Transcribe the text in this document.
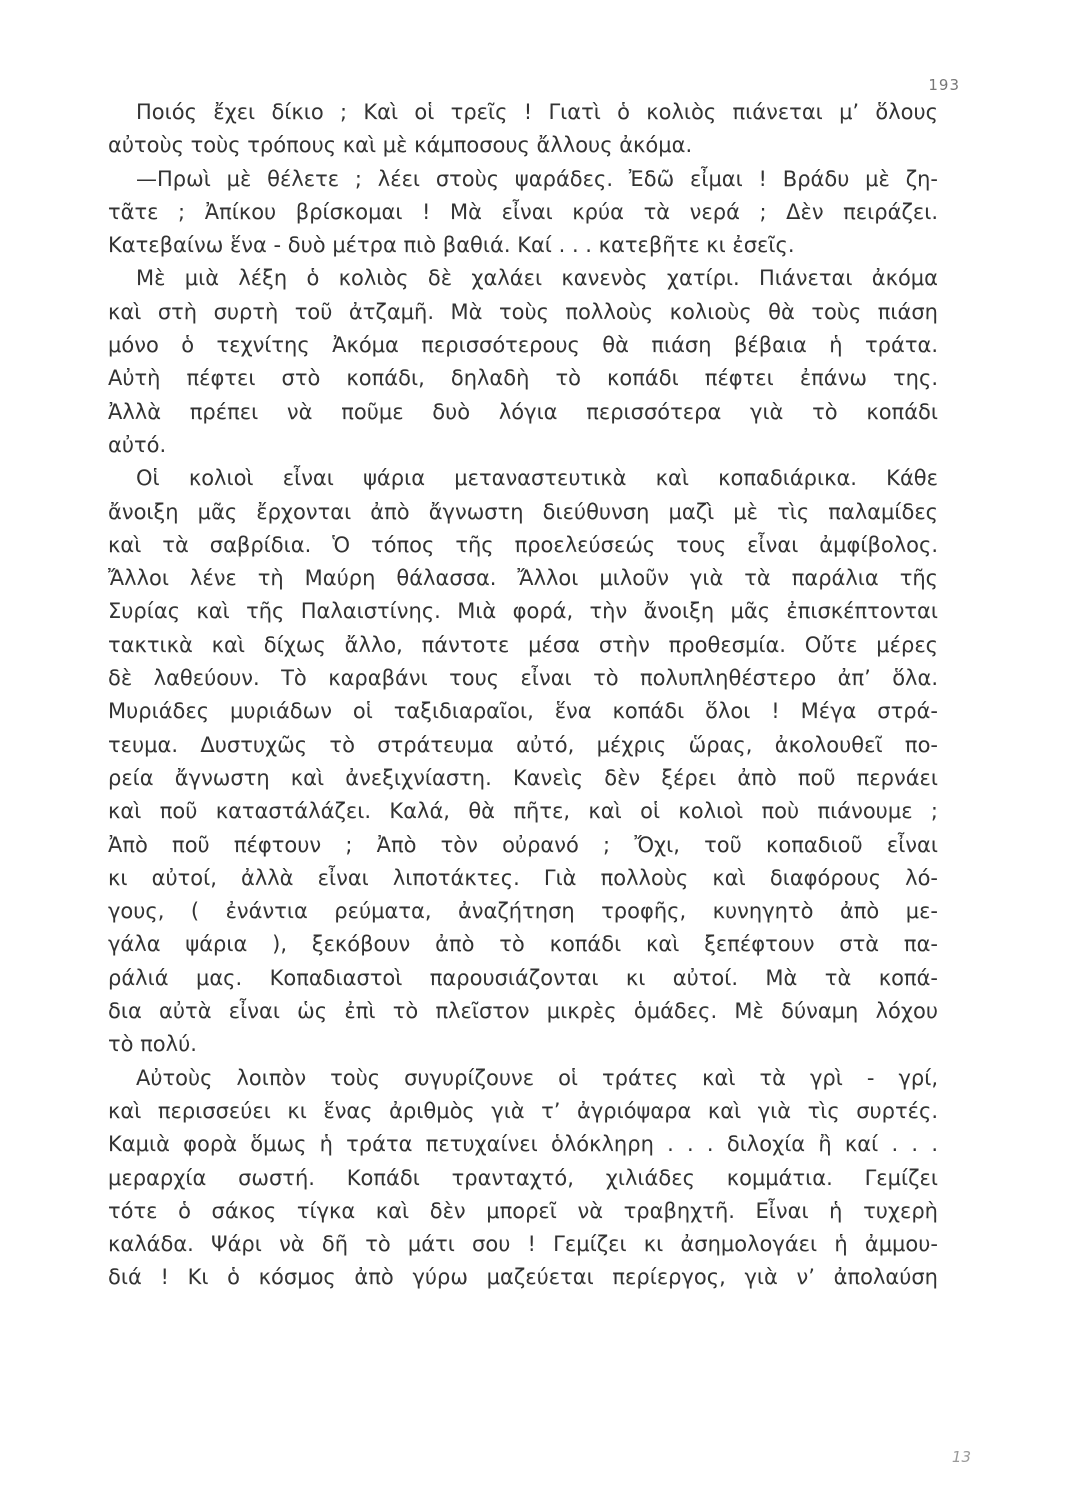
193
Ποιός ἔχει δίκιο ; Καὶ οἱ τρεῖς ! Γιατὶ ὁ κολιὸς πιάνεται μ’ ὅλους
αὐτοὺς τοὺς τρόπους καὶ μὲ κάμποσους ἄλλους ἀκόμα.
—Πρωὶ μὲ θέλετε ; λέει στοὺς ψαράδες. Ἐδῶ εἶμαι ! Βράδυ μὲ ζη-
τᾶτε ; Ἀπίκου βρίσκομαι ! Μὰ εἶναι κρύα τὰ νερά ; Δὲν πειράζει.
Κατεβαίνω ἕνα - δυὸ μέτρα πιὸ βαθιά. Καί . . . κατεβῆτε κι ἐσεῖς.
Μὲ μιὰ λέξη ὁ κολιὸς δὲ χαλάει κανενὸς χατίρι. Πιάνεται ἀκόμα
καὶ στὴ συρτὴ τοῦ ἀτζαμῆ. Μὰ τοὺς πολλοὺς κολιοὺς θὰ τοὺς πιάση
μόνο ὁ τεχνίτης Ἀκόμα περισσότερους θὰ πιάση βέβαια ἡ τράτα.
Αὐτὴ πέφτει στὸ κοπάδι, δηλαδὴ τὸ κοπάδι πέφτει ἐπάνω της.
Ἀλλὰ πρέπει νὰ ποῦμε δυὸ λόγια περισσότερα γιὰ τὸ κοπάδι
αὐτό.
Οἱ κολιοὶ εἶναι ψάρια μεταναστευτικὰ καὶ κοπαδιάρικα. Κάθε
ἄνοιξη μᾶς ἔρχονται ἀπὸ ἄγνωστη διεύθυνση μαζὶ μὲ τὶς παλαμίδες
καὶ τὰ σαβρίδια. Ὁ τόπος τῆς προελεύσεώς τους εἶναι ἀμφίβολος.
Ἄλλοι λένε τὴ Μαύρη θάλασσα. Ἄλλοι μιλοῦν γιὰ τὰ παράλια τῆς
Συρίας καὶ τῆς Παλαιστίνης. Μιὰ φορά, τὴν ἄνοιξη μᾶς ἐπισκέπτονται
τακτικὰ καὶ δίχως ἄλλο, πάντοτε μέσα στὴν προθεσμία. Οὔτε μέρες
δὲ λαθεύουν. Τὸ καραβάνι τους εἶναι τὸ πολυπληθέστερο ἀπ’ ὅλα.
Μυριάδες μυριάδων οἱ ταξιδιαραῖοι, ἕνα κοπάδι ὅλοι ! Μέγα στρά-
τευμα. Δυστυχῶς τὸ στράτευμα αὐτό, μέχρις ὥρας, ἀκολουθεῖ πο-
ρεία ἄγνωστη καὶ ἀνεξιχνίαστη. Κανεὶς δὲν ξέρει ἀπὸ ποῦ περνάει
καὶ ποῦ καταστάλάζει. Καλά, θὰ πῆτε, καὶ οἱ κολιοὶ ποὺ πιάνουμε ;
Ἀπὸ ποῦ πέφτουν ; Ἀπὸ τὸν οὐρανό ; Ὄχι, τοῦ κοπαδιοῦ εἶναι
κι αὐτοί, ἀλλὰ εἶναι λιποτάκτες. Γιὰ πολλοὺς καὶ διαφόρους λό-
γους, ( ἐνάντια ρεύματα, ἀναζήτηση τροφῆς, κυνηγητὸ ἀπὸ με-
γάλα ψάρια ), ξεκόβουν ἀπὸ τὸ κοπάδι καὶ ξεπέφτουν στὰ πα-
ράλιά μας. Κοπαδιαστοὶ παρουσιάζονται κι αὐτοί. Μὰ τὰ κοπά-
δια αὐτὰ εἶναι ὡς ἐπὶ τὸ πλεῖστον μικρὲς ὁμάδες. Μὲ δύναμη λόχου
τὸ πολύ.
Αὐτοὺς λοιπὸν τοὺς συγυρίζουνε οἱ τράτες καὶ τὰ γρὶ - γρί,
καὶ περισσεύει κι ἕνας ἀριθμὸς γιὰ τ’ ἀγριόψαρα καὶ γιὰ τὶς συρτές.
Καμιὰ φορὰ ὅμως ἡ τράτα πετυχαίνει ὁλόκληρη . . . διλοχία ἢ καί . . .
μεραρχία σωστή. Κοπάδι τρανταχτό, χιλιάδες κομμάτια. Γεμίζει
τότε ὁ σάκος τίγκα καὶ δὲν μπορεῖ νὰ τραβηχτῆ. Εἶναι ἡ τυχερὴ
καλάδα. Ψάρι νὰ δῆ τὸ μάτι σου ! Γεμίζει κι ἀσημολογάει ἡ ἀμμου-
διά ! Κι ὁ κόσμος ἀπὸ γύρω μαζεύεται περίεργος, γιὰ ν’ ἀπολαύση
13
